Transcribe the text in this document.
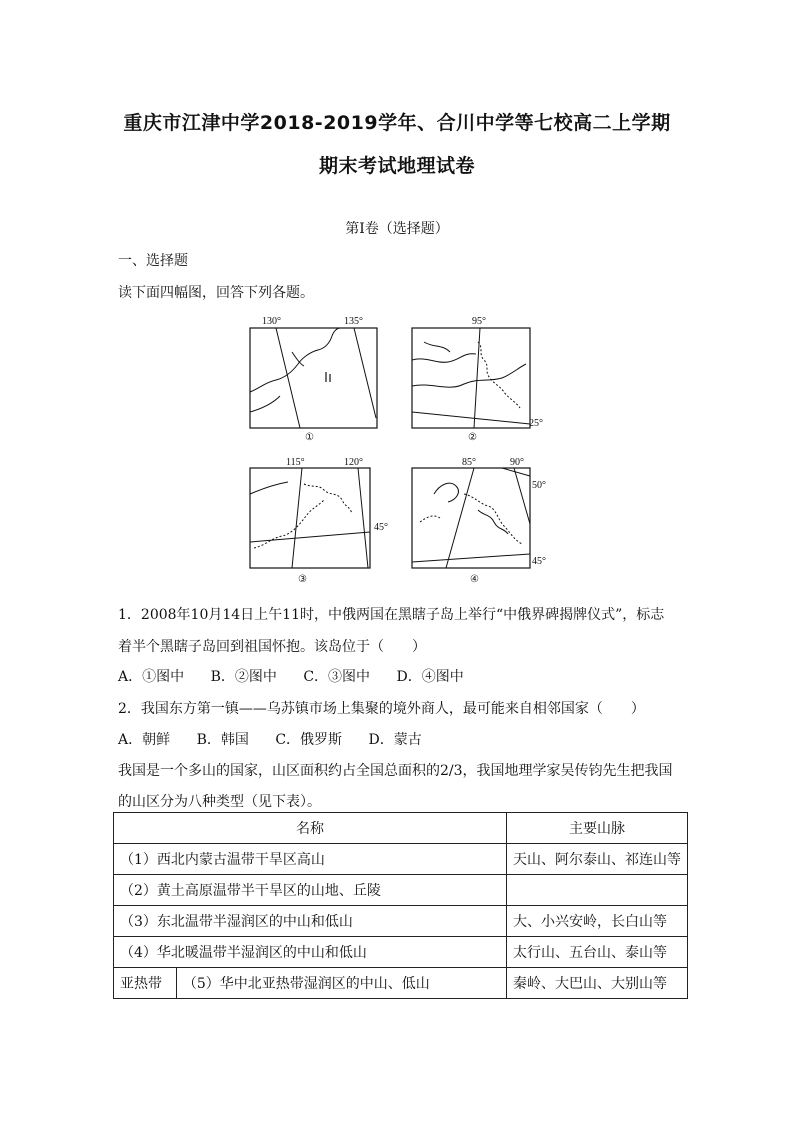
重庆市江津中学2018-2019学年、合川中学等七校高二上学期
期末考试地理试卷
第Ⅰ卷（选择题）
一、选择题
读下面四幅图，回答下列各题。
130°	135°
①
95°
25°
②
115°	120°
45°
③
85°	90°
50°
45°
④
1．2008年10月14日上午11时，中俄两国在黑瞎子岛上举行“中俄界碑揭牌仪式”，标志
着半个黑瞎子岛回到祖国怀抱。该岛位于（　　）
A．①图中 B．②图中 C．③图中 D．④图中
2．我国东方第一镇——乌苏镇市场上集聚的境外商人，最可能来自相邻国家（　　）
A．朝鲜 B．韩国 C．俄罗斯 D．蒙古
我国是一个多山的国家，山区面积约占全国总面积的2/3，我国地理学家吴传钧先生把我国
的山区分为八种类型（见下表）。
名称		主要山脉
（1）西北内蒙古温带干旱区高山		天山、阿尔泰山、祁连山等
（2）黄土高原温带半干旱区的山地、丘陵		
（3）东北温带半湿润区的中山和低山		大、小兴安岭，长白山等
（4）华北暖温带半湿润区的中山和低山		太行山、五台山、泰山等
亚热带	（5）华中北亚热带湿润区的中山、低山	秦岭、大巴山、大别山等
